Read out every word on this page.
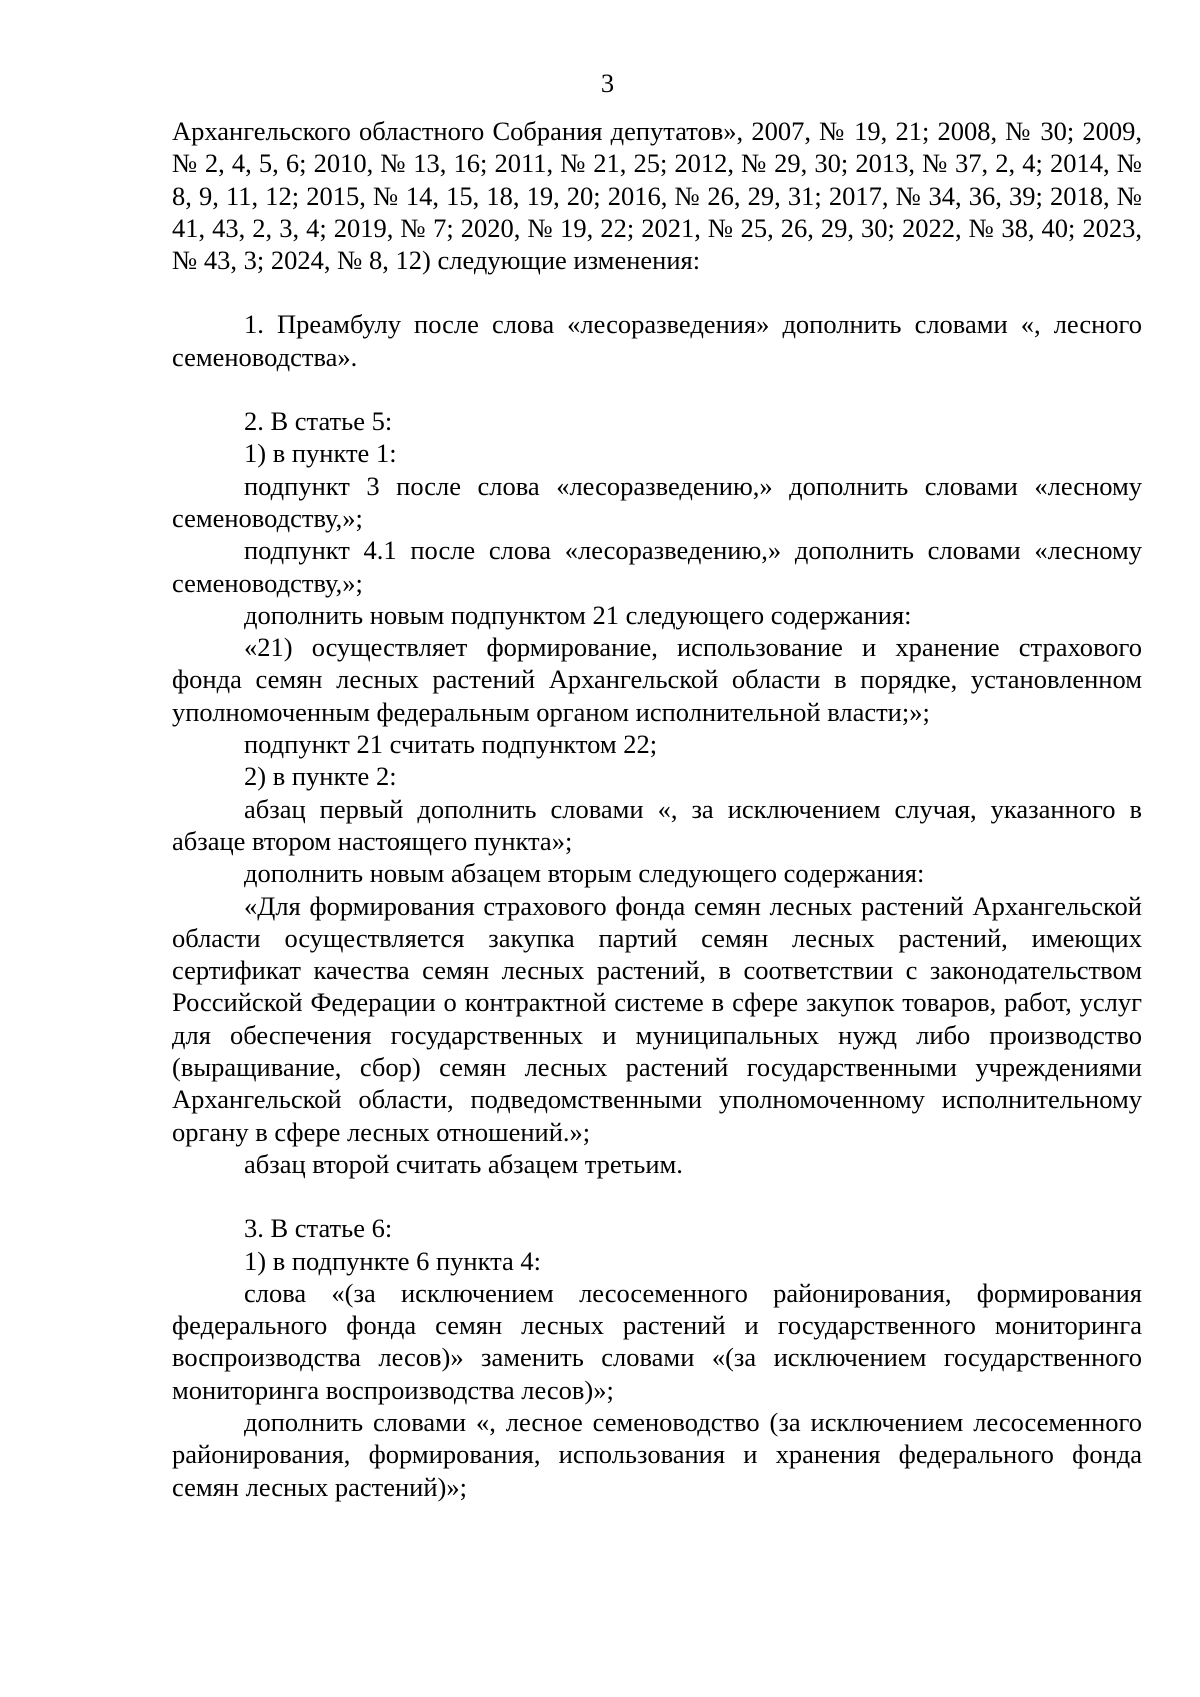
3

Архангельского областного Собрания депутатов», 2007, № 19, 21; 2008, № 30; 2009, № 2, 4, 5, 6; 2010, № 13, 16; 2011, № 21, 25; 2012, № 29, 30; 2013, № 37, 2, 4; 2014, № 8, 9, 11, 12; 2015, № 14, 15, 18, 19, 20; 2016, № 26, 29, 31; 2017, № 34, 36, 39; 2018, № 41, 43, 2, 3, 4; 2019, № 7; 2020, № 19, 22; 2021, № 25, 26, 29, 30; 2022, № 38, 40; 2023, № 43, 3; 2024, № 8, 12) следующие изменения:

1. Преамбулу после слова «лесоразведения» дополнить словами «, лесного семеноводства».

2. В статье 5:

1) в пункте 1:

подпункт 3 после слова «лесоразведению,» дополнить словами «лесному семеноводству,»;

подпункт 4.1 после слова «лесоразведению,» дополнить словами «лесному семеноводству,»;

дополнить новым подпунктом 21 следующего содержания:

«21) осуществляет формирование, использование и хранение страхового фонда семян лесных растений Архангельской области в порядке, установленном уполномоченным федеральным органом исполнительной власти;»;

подпункт 21 считать подпунктом 22;

2) в пункте 2:

абзац первый дополнить словами «, за исключением случая, указанного в абзаце втором настоящего пункта»;

дополнить новым абзацем вторым следующего содержания:

«Для формирования страхового фонда семян лесных растений Архангельской области осуществляется закупка партий семян лесных растений, имеющих сертификат качества семян лесных растений, в соответствии с законодательством Российской Федерации о контрактной системе в сфере закупок товаров, работ, услуг для обеспечения государственных и муниципальных нужд либо производство (выращивание, сбор) семян лесных растений государственными учреждениями Архангельской области, подведомственными уполномоченному исполнительному органу в сфере лесных отношений.»;

абзац второй считать абзацем третьим.

3. В статье 6:

1) в подпункте 6 пункта 4:

слова «(за исключением лесосеменного районирования, формирования федерального фонда семян лесных растений и государственного мониторинга воспроизводства лесов)» заменить словами «(за исключением государственного мониторинга воспроизводства лесов)»;

дополнить словами «, лесное семеноводство (за исключением лесосеменного районирования, формирования, использования и хранения федерального фонда семян лесных растений)»;
